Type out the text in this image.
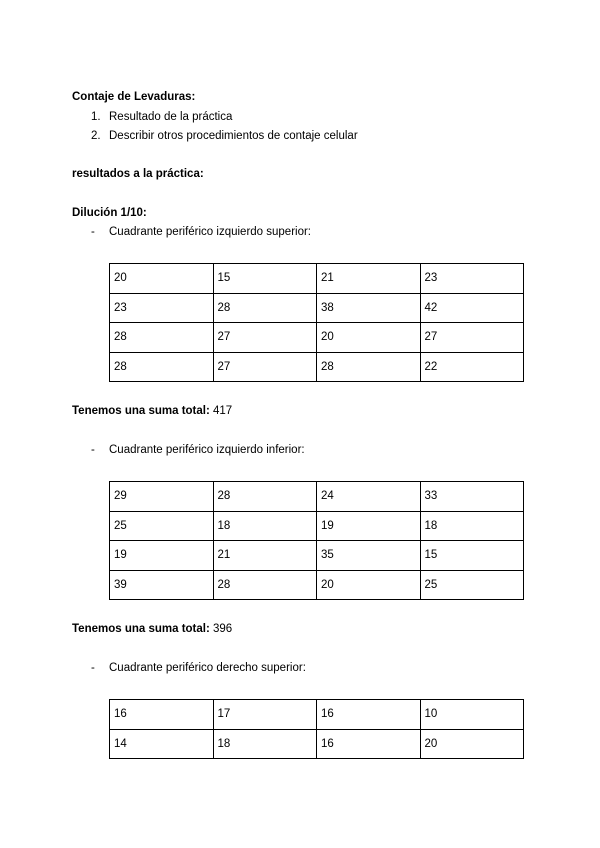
Contaje de Levaduras:
1. Resultado de la práctica
2. Describir otros procedimientos de contaje celular
resultados a la práctica:
Dilución 1/10:
- Cuadrante periférico izquierdo superior:
20	15	21	23
23	28	38	42
28	27	20	27
28	27	28	22
Tenemos una suma total: 417
- Cuadrante periférico izquierdo inferior:
29	28	24	33
25	18	19	18
19	21	35	15
39	28	20	25
Tenemos una suma total: 396
- Cuadrante periférico derecho superior:
16	17	16	10
14	18	16	20
